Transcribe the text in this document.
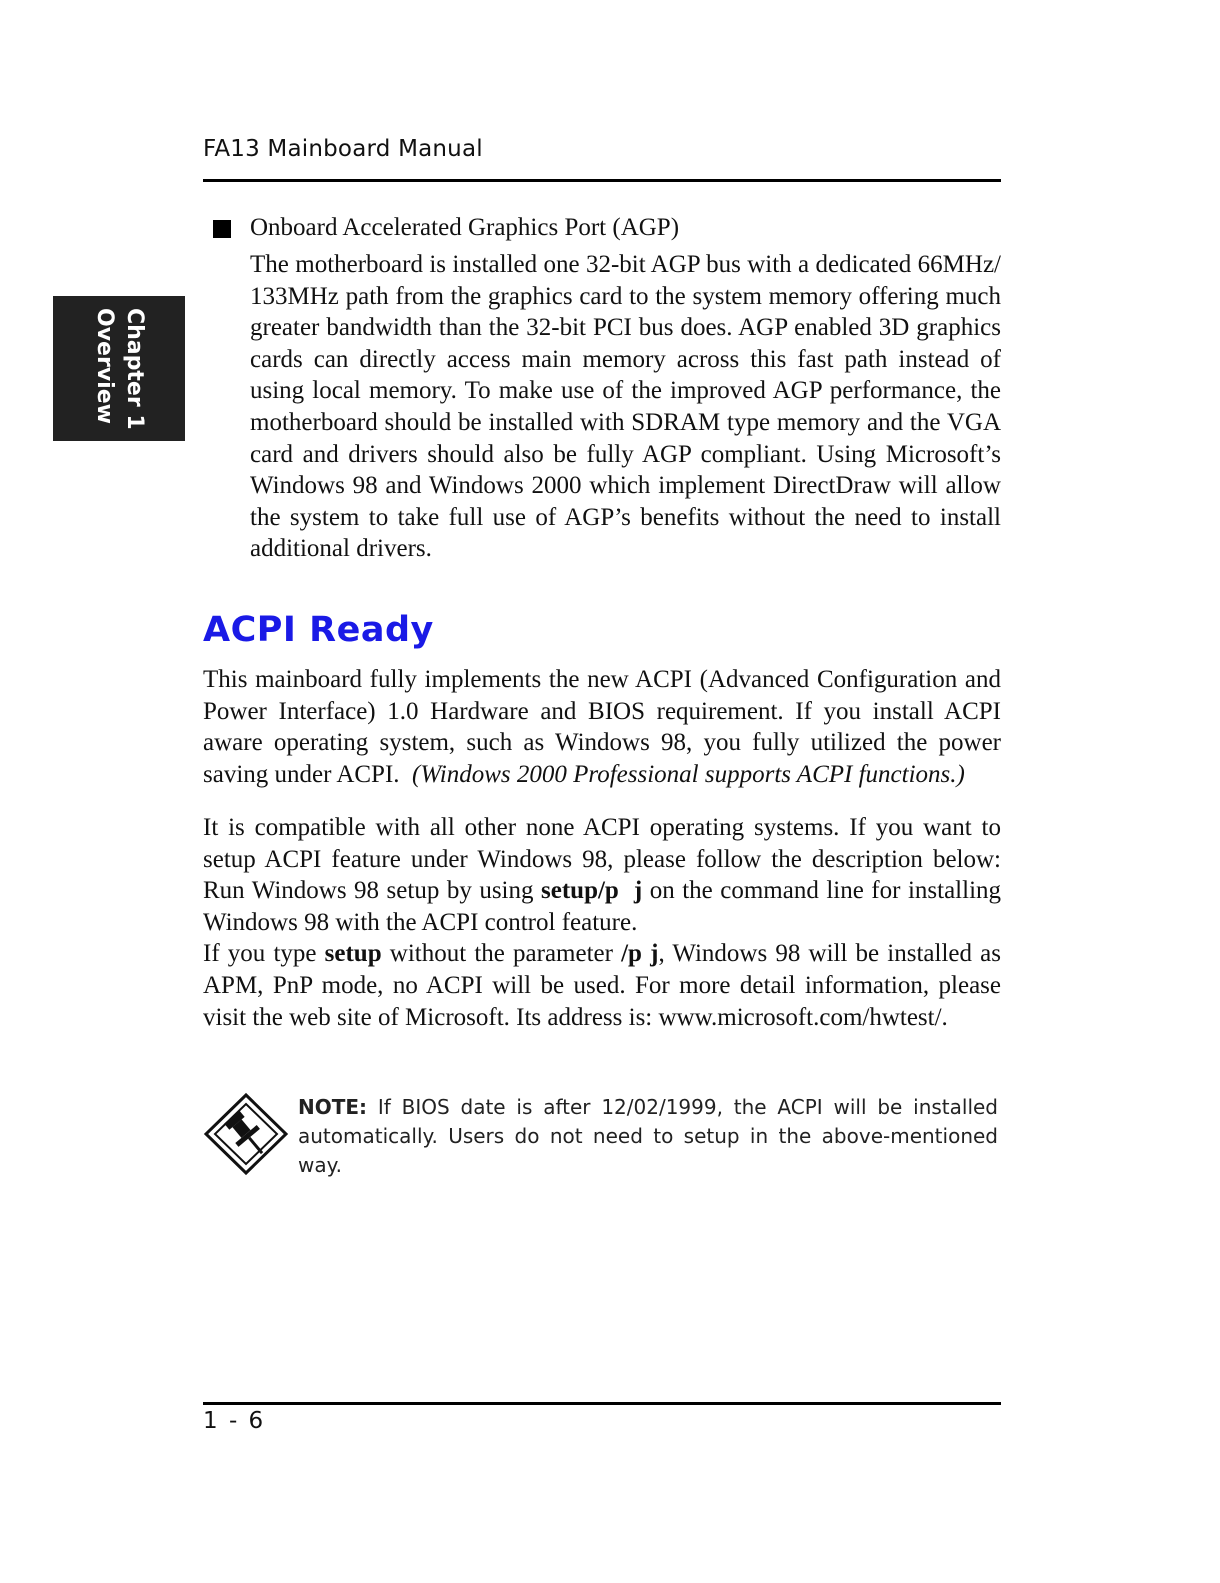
FA13 Mainboard Manual
Chapter 1
Overview
Onboard Accelerated Graphics Port (AGP)

The motherboard is installed one 32-bit AGP bus with a dedicated 66MHz/ 133MHz path from the graphics card to the system memory offering much greater bandwidth than the 32-bit PCI bus does. AGP enabled 3D graphics cards can directly access main memory across this fast path instead of using local memory. To make use of the improved AGP performance, the motherboard should be installed with SDRAM type memory and the VGA card and drivers should also be fully AGP compliant. Using Microsoft’s Windows 98 and Windows 2000 which implement DirectDraw will allow the system to take full use of AGP’s benefits without the need to install additional drivers.

ACPI Ready

This mainboard fully implements the new ACPI (Advanced Configuration and Power Interface) 1.0 Hardware and BIOS requirement. If you install ACPI aware operating system, such as Windows 98, you fully utilized the power saving under ACPI. (Windows 2000 Professional supports ACPI functions.)

It is compatible with all other none ACPI operating systems. If you want to setup ACPI feature under Windows 98, please follow the description below: Run Windows 98 setup by using setup/p  j on the command line for installing Windows 98 with the ACPI control feature.
If you type setup without the parameter /p j, Windows 98 will be installed as APM, PnP mode, no ACPI will be used. For more detail information, please visit the web site of Microsoft. Its address is: www.microsoft.com/hwtest/.

NOTE: If BIOS date is after 12/02/1999, the ACPI will be installed automatically. Users do not need to setup in the above-mentioned way.

1 - 6
